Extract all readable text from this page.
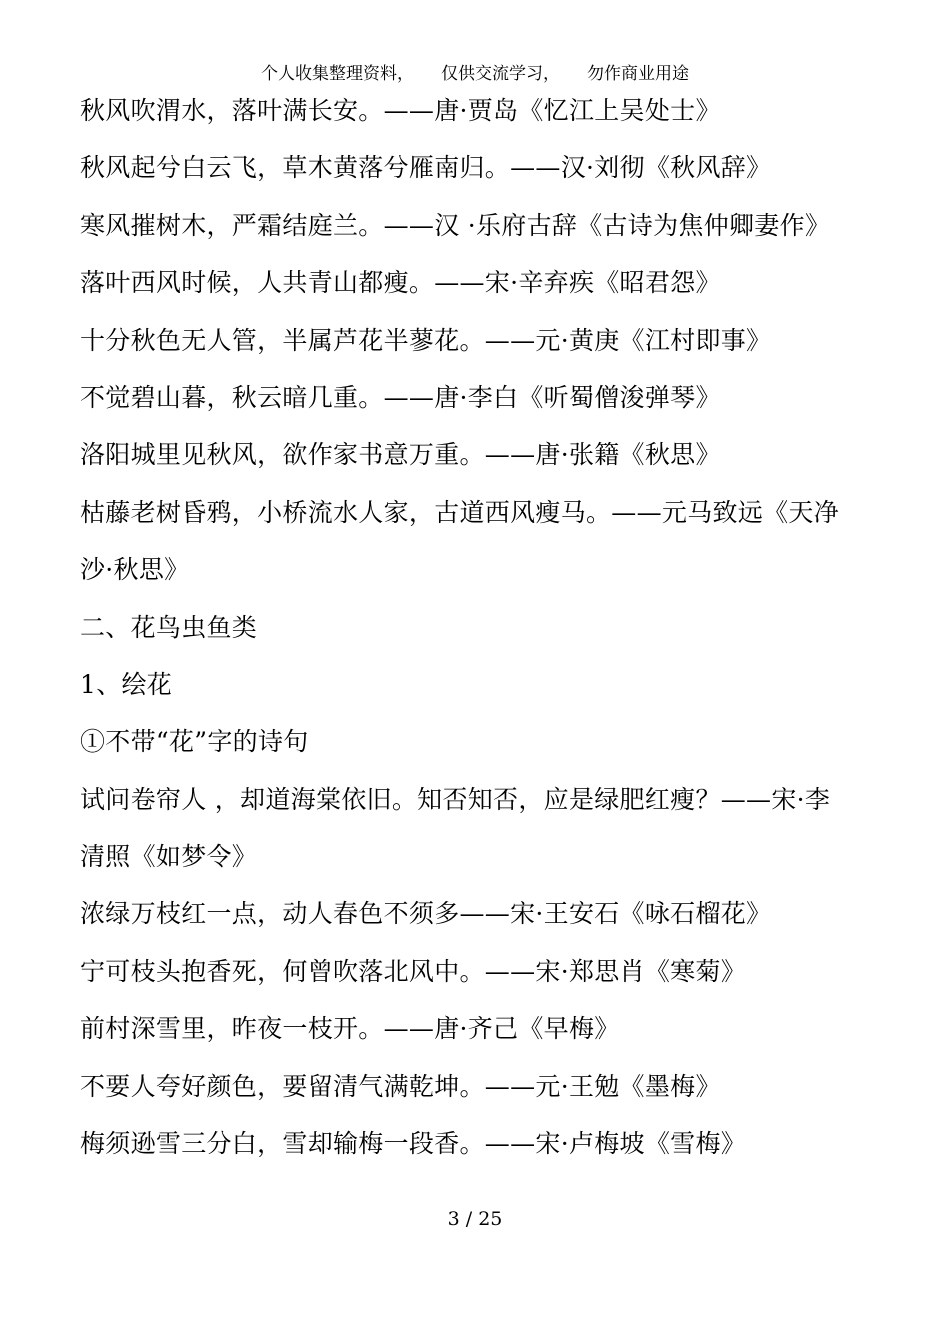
个人收集整理资料，     仅供交流学习，     勿作商业用途
秋风吹渭水，落叶满长安。——唐·贾岛《忆江上吴处士》
秋风起兮白云飞，草木黄落兮雁南归。——汉·刘彻《秋风辞》
寒风摧树木，严霜结庭兰。——汉 ·乐府古辞《古诗为焦仲卿妻作》
落叶西风时候，人共青山都瘦。——宋·辛弃疾《昭君怨》
十分秋色无人管，半属芦花半蓼花。——元·黄庚《江村即事》
不觉碧山暮，秋云暗几重。——唐·李白《听蜀僧浚弹琴》
洛阳城里见秋风，欲作家书意万重。——唐·张籍《秋思》
枯藤老树昏鸦，小桥流水人家，古道西风瘦马。——元马致远《天净
沙·秋思》
二、花鸟虫鱼类
1、绘花
①不带“花”字的诗句
试问卷帘人 ，却道海棠依旧。知否知否，应是绿肥红瘦？——宋·李
清照《如梦令》
浓绿万枝红一点，动人春色不须多——宋·王安石《咏石榴花》
宁可枝头抱香死，何曾吹落北风中。——宋·郑思肖《寒菊》
前村深雪里，昨夜一枝开。——唐·齐己《早梅》
不要人夸好颜色，要留清气满乾坤。——元·王勉《墨梅》
梅须逊雪三分白，雪却输梅一段香。——宋·卢梅坡《雪梅》
3 / 25
